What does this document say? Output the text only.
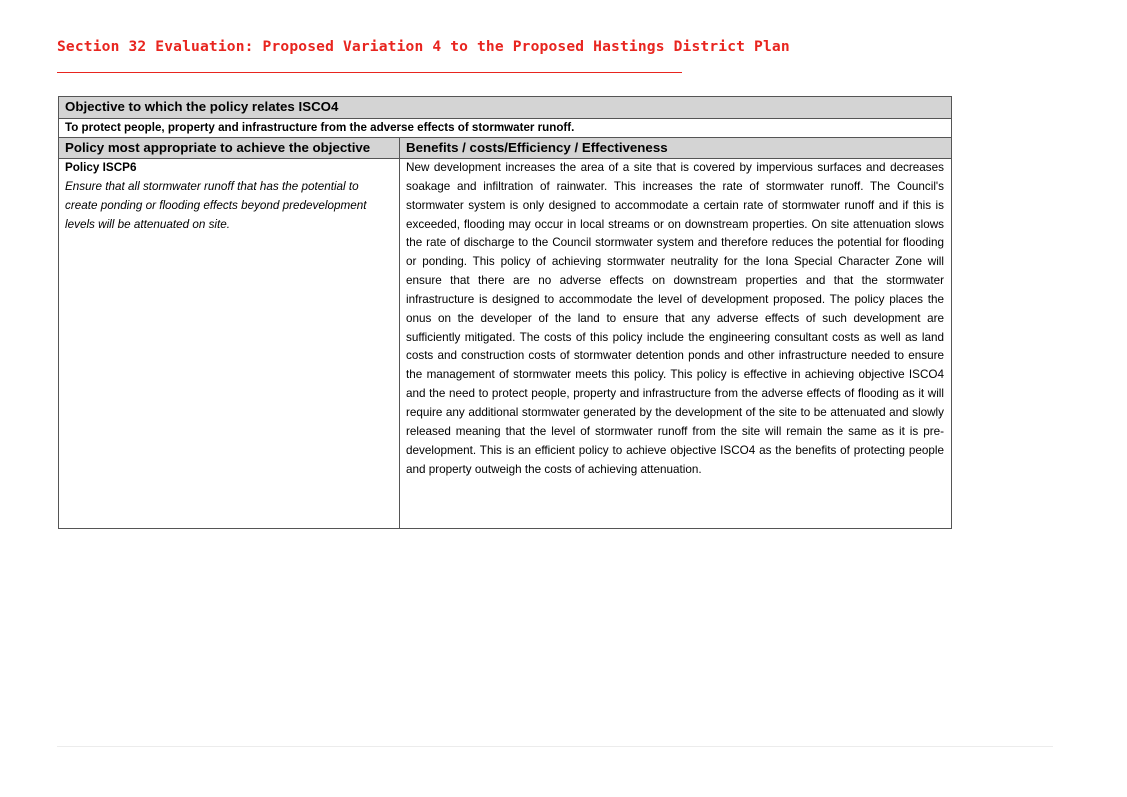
Section 32 Evaluation: Proposed Variation 4 to the Proposed Hastings District Plan
Objective to which the policy relates ISCO4	
To protect people, property and infrastructure from the adverse effects of stormwater runoff.	
Policy most appropriate to achieve the objective	Benefits / costs/Efficiency / Effectiveness

Policy ISCP6
Ensure that all stormwater runoff that has the potential to create ponding or flooding effects beyond predevelopment levels will be attenuated on site.	New development increases the area of a site that is covered by impervious surfaces and decreases soakage and infiltration of rainwater. This increases the rate of stormwater runoff. The Council's stormwater system is only designed to accommodate a certain rate of stormwater runoff and if this is exceeded, flooding may occur in local streams or on downstream properties. On site attenuation slows the rate of discharge to the Council stormwater system and therefore reduces the potential for flooding or ponding. This policy of achieving stormwater neutrality for the Iona Special Character Zone will ensure that there are no adverse effects on downstream properties and that the stormwater infrastructure is designed to accommodate the level of development proposed. The policy places the onus on the developer of the land to ensure that any adverse effects of such development are sufficiently mitigated. The costs of this policy include the engineering consultant costs as well as land costs and construction costs of stormwater detention ponds and other infrastructure needed to ensure the management of stormwater meets this policy. This policy is effective in achieving objective ISCO4 and the need to protect people, property and infrastructure from the adverse effects of flooding as it will require any additional stormwater generated by the development of the site to be attenuated and slowly released meaning that the level of stormwater runoff from the site will remain the same as it is pre-development. This is an efficient policy to achieve objective ISCO4 as the benefits of protecting people and property outweigh the costs of achieving attenuation.
